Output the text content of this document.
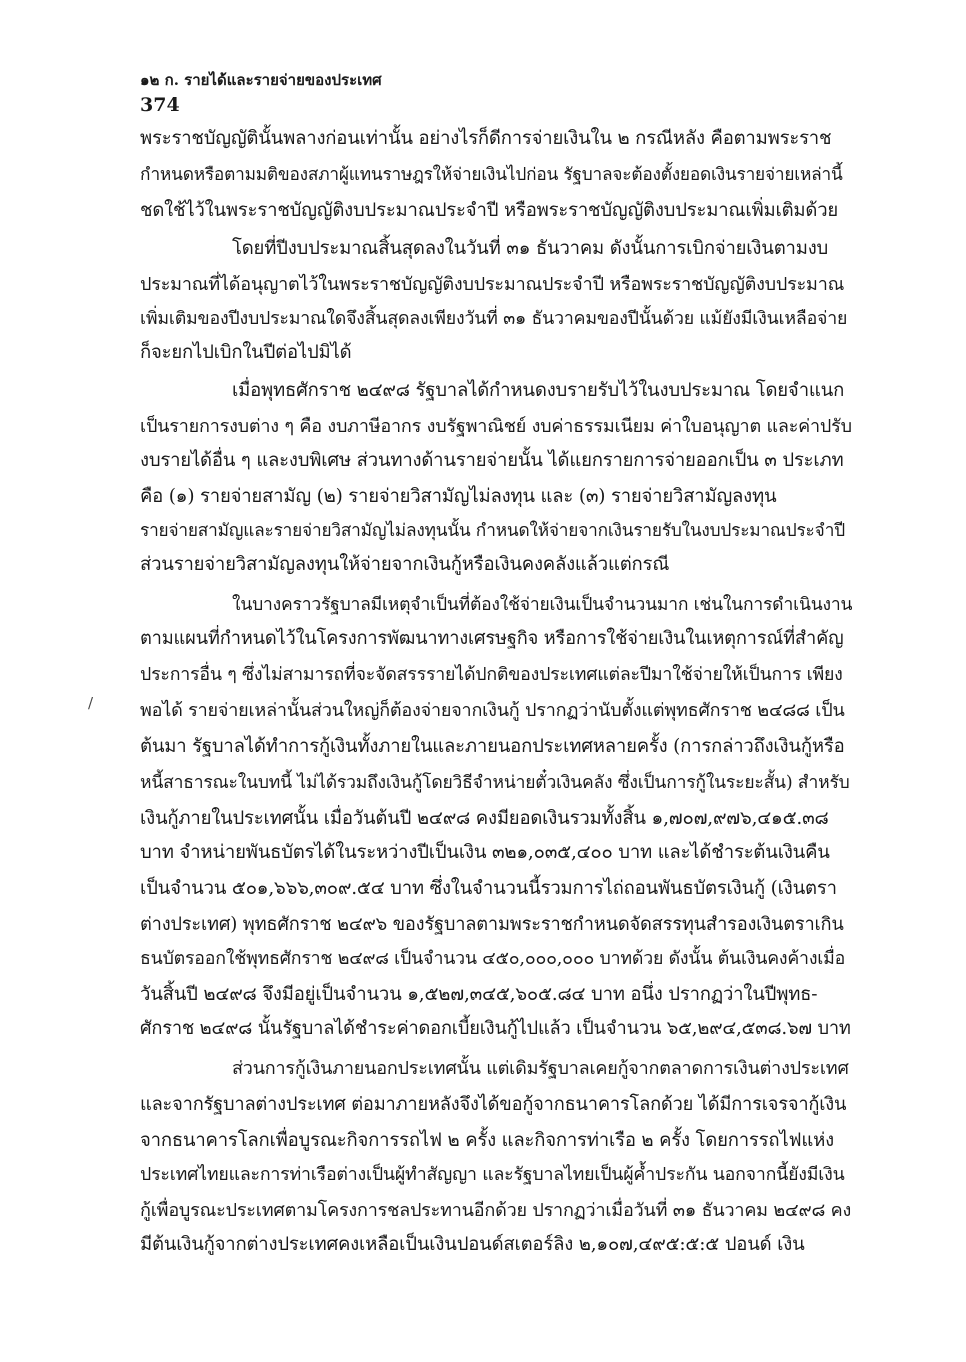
๑๒ ก. รายได้และรายจ่ายของประเทศ
374
/
พระราชบัญญัตินั้นพลางก่อนเท่านั้น อย่างไรก็ดีการจ่ายเงินใน ๒ กรณีหลัง คือตามพระราช
กำหนดหรือตามมติของสภาผู้แทนราษฎรให้จ่ายเงินไปก่อน รัฐบาลจะต้องตั้งยอดเงินรายจ่ายเหล่านี้
ชดใช้ไว้ในพระราชบัญญัติงบประมาณประจำปี หรือพระราชบัญญัติงบประมาณเพิ่มเติมด้วย
โดยที่ปีงบประมาณสิ้นสุดลงในวันที่ ๓๑ ธันวาคม ดังนั้นการเบิกจ่ายเงินตามงบ
ประมาณที่ได้อนุญาตไว้ในพระราชบัญญัติงบประมาณประจำปี หรือพระราชบัญญัติงบประมาณ
เพิ่มเติมของปีงบประมาณใดจึงสิ้นสุดลงเพียงวันที่ ๓๑ ธันวาคมของปีนั้นด้วย แม้ยังมีเงินเหลือจ่าย
ก็จะยกไปเบิกในปีต่อไปมิได้
เมื่อพุทธศักราช ๒๔๙๘ รัฐบาลได้กำหนดงบรายรับไว้ในงบประมาณ โดยจำแนก
เป็นรายการงบต่าง ๆ คือ งบภาษีอากร งบรัฐพาณิชย์ งบค่าธรรมเนียม ค่าใบอนุญาต และค่าปรับ
งบรายได้อื่น ๆ และงบพิเศษ ส่วนทางด้านรายจ่ายนั้น ได้แยกรายการจ่ายออกเป็น ๓ ประเภท
คือ (๑) รายจ่ายสามัญ (๒) รายจ่ายวิสามัญไม่ลงทุน และ (๓) รายจ่ายวิสามัญลงทุน
รายจ่ายสามัญและรายจ่ายวิสามัญไม่ลงทุนนั้น กำหนดให้จ่ายจากเงินรายรับในงบประมาณประจำปี
ส่วนรายจ่ายวิสามัญลงทุนให้จ่ายจากเงินกู้หรือเงินคงคลังแล้วแต่กรณี
ในบางคราวรัฐบาลมีเหตุจำเป็นที่ต้องใช้จ่ายเงินเป็นจำนวนมาก เช่นในการดำเนินงาน
ตามแผนที่กำหนดไว้ในโครงการพัฒนาทางเศรษฐกิจ หรือการใช้จ่ายเงินในเหตุการณ์ที่สำคัญ
ประการอื่น ๆ ซึ่งไม่สามารถที่จะจัดสรรรายได้ปกติของประเทศแต่ละปีมาใช้จ่ายให้เป็นการ เพียง
พอได้ รายจ่ายเหล่านั้นส่วนใหญ่ก็ต้องจ่ายจากเงินกู้ ปรากฏว่านับตั้งแต่พุทธศักราช ๒๔๘๘ เป็น
ต้นมา รัฐบาลได้ทำการกู้เงินทั้งภายในและภายนอกประเทศหลายครั้ง (การกล่าวถึงเงินกู้หรือ
หนี้สาธารณะในบทนี้ ไม่ได้รวมถึงเงินกู้โดยวิธีจำหน่ายตั๋วเงินคลัง ซึ่งเป็นการกู้ในระยะสั้น) สำหรับ
เงินกู้ภายในประเทศนั้น เมื่อวันต้นปี ๒๔๙๘ คงมียอดเงินรวมทั้งสิ้น ๑,๗๐๗,๙๗๖,๔๑๕.๓๘
บาท จำหน่ายพันธบัตรได้ในระหว่างปีเป็นเงิน ๓๒๑,๐๓๕,๔๐๐ บาท และได้ชำระต้นเงินคืน
เป็นจำนวน ๕๐๑,๖๖๖,๓๐๙.๕๔ บาท ซึ่งในจำนวนนี้รวมการไถ่ถอนพันธบัตรเงินกู้ (เงินตรา
ต่างประเทศ) พุทธศักราช ๒๔๙๖ ของรัฐบาลตามพระราชกำหนดจัดสรรทุนสำรองเงินตราเกิน
ธนบัตรออกใช้พุทธศักราช ๒๔๙๘ เป็นจำนวน ๔๕๐,๐๐๐,๐๐๐ บาทด้วย ดังนั้น ต้นเงินคงค้างเมื่อ
วันสิ้นปี ๒๔๙๘ จึงมีอยู่เป็นจำนวน ๑,๕๒๗,๓๔๕,๖๐๕.๘๔ บาท อนึ่ง ปรากฏว่าในปีพุทธ-
ศักราช ๒๔๙๘ นั้นรัฐบาลได้ชำระค่าดอกเบี้ยเงินกู้ไปแล้ว เป็นจำนวน ๖๕,๒๙๔,๕๓๘.๖๗ บาท
ส่วนการกู้เงินภายนอกประเทศนั้น แต่เดิมรัฐบาลเคยกู้จากตลาดการเงินต่างประเทศ
และจากรัฐบาลต่างประเทศ ต่อมาภายหลังจึงได้ขอกู้จากธนาคารโลกด้วย ได้มีการเจรจากู้เงิน
จากธนาคารโลกเพื่อบูรณะกิจการรถไฟ ๒ ครั้ง และกิจการท่าเรือ ๒ ครั้ง โดยการรถไฟแห่ง
ประเทศไทยและการท่าเรือต่างเป็นผู้ทำสัญญา และรัฐบาลไทยเป็นผู้ค้ำประกัน นอกจากนี้ยังมีเงิน
กู้เพื่อบูรณะประเทศตามโครงการชลประทานอีกด้วย ปรากฏว่าเมื่อวันที่ ๓๑ ธันวาคม ๒๔๙๘ คง
มีต้นเงินกู้จากต่างประเทศคงเหลือเป็นเงินปอนด์สเตอร์ลิง ๒,๑๐๗,๔๙๕:๕:๕ ปอนด์ เงิน
